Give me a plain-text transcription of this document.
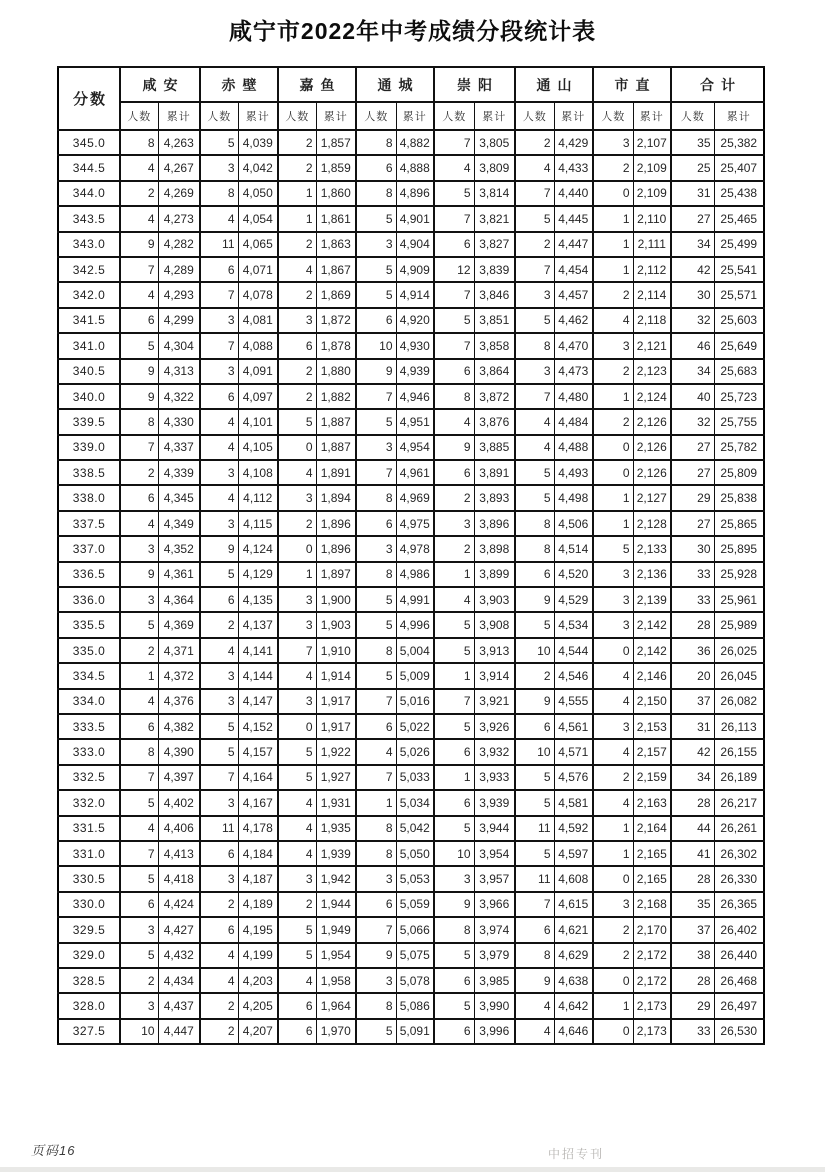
咸宁市2022年中考成绩分段统计表
分数	咸安		赤壁		嘉鱼		通城		崇阳		通山		市直		合计	
	人数	累计	人数	累计	人数	累计	人数	累计	人数	累计	人数	累计	人数	累计	人数	累计
345.0	8	4,263	5	4,039	2	1,857	8	4,882	7	3,805	2	4,429	3	2,107	35	25,382
344.5	4	4,267	3	4,042	2	1,859	6	4,888	4	3,809	4	4,433	2	2,109	25	25,407
344.0	2	4,269	8	4,050	1	1,860	8	4,896	5	3,814	7	4,440	0	2,109	31	25,438
343.5	4	4,273	4	4,054	1	1,861	5	4,901	7	3,821	5	4,445	1	2,110	27	25,465
343.0	9	4,282	11	4,065	2	1,863	3	4,904	6	3,827	2	4,447	1	2,111	34	25,499
342.5	7	4,289	6	4,071	4	1,867	5	4,909	12	3,839	7	4,454	1	2,112	42	25,541
342.0	4	4,293	7	4,078	2	1,869	5	4,914	7	3,846	3	4,457	2	2,114	30	25,571
341.5	6	4,299	3	4,081	3	1,872	6	4,920	5	3,851	5	4,462	4	2,118	32	25,603
341.0	5	4,304	7	4,088	6	1,878	10	4,930	7	3,858	8	4,470	3	2,121	46	25,649
340.5	9	4,313	3	4,091	2	1,880	9	4,939	6	3,864	3	4,473	2	2,123	34	25,683
340.0	9	4,322	6	4,097	2	1,882	7	4,946	8	3,872	7	4,480	1	2,124	40	25,723
339.5	8	4,330	4	4,101	5	1,887	5	4,951	4	3,876	4	4,484	2	2,126	32	25,755
339.0	7	4,337	4	4,105	0	1,887	3	4,954	9	3,885	4	4,488	0	2,126	27	25,782
338.5	2	4,339	3	4,108	4	1,891	7	4,961	6	3,891	5	4,493	0	2,126	27	25,809
338.0	6	4,345	4	4,112	3	1,894	8	4,969	2	3,893	5	4,498	1	2,127	29	25,838
337.5	4	4,349	3	4,115	2	1,896	6	4,975	3	3,896	8	4,506	1	2,128	27	25,865
337.0	3	4,352	9	4,124	0	1,896	3	4,978	2	3,898	8	4,514	5	2,133	30	25,895
336.5	9	4,361	5	4,129	1	1,897	8	4,986	1	3,899	6	4,520	3	2,136	33	25,928
336.0	3	4,364	6	4,135	3	1,900	5	4,991	4	3,903	9	4,529	3	2,139	33	25,961
335.5	5	4,369	2	4,137	3	1,903	5	4,996	5	3,908	5	4,534	3	2,142	28	25,989
335.0	2	4,371	4	4,141	7	1,910	8	5,004	5	3,913	10	4,544	0	2,142	36	26,025
334.5	1	4,372	3	4,144	4	1,914	5	5,009	1	3,914	2	4,546	4	2,146	20	26,045
334.0	4	4,376	3	4,147	3	1,917	7	5,016	7	3,921	9	4,555	4	2,150	37	26,082
333.5	6	4,382	5	4,152	0	1,917	6	5,022	5	3,926	6	4,561	3	2,153	31	26,113
333.0	8	4,390	5	4,157	5	1,922	4	5,026	6	3,932	10	4,571	4	2,157	42	26,155
332.5	7	4,397	7	4,164	5	1,927	7	5,033	1	3,933	5	4,576	2	2,159	34	26,189
332.0	5	4,402	3	4,167	4	1,931	1	5,034	6	3,939	5	4,581	4	2,163	28	26,217
331.5	4	4,406	11	4,178	4	1,935	8	5,042	5	3,944	11	4,592	1	2,164	44	26,261
331.0	7	4,413	6	4,184	4	1,939	8	5,050	10	3,954	5	4,597	1	2,165	41	26,302
330.5	5	4,418	3	4,187	3	1,942	3	5,053	3	3,957	11	4,608	0	2,165	28	26,330
330.0	6	4,424	2	4,189	2	1,944	6	5,059	9	3,966	7	4,615	3	2,168	35	26,365
329.5	3	4,427	6	4,195	5	1,949	7	5,066	8	3,974	6	4,621	2	2,170	37	26,402
329.0	5	4,432	4	4,199	5	1,954	9	5,075	5	3,979	8	4,629	2	2,172	38	26,440
328.5	2	4,434	4	4,203	4	1,958	3	5,078	6	3,985	9	4,638	0	2,172	28	26,468
328.0	3	4,437	2	4,205	6	1,964	8	5,086	5	3,990	4	4,642	1	2,173	29	26,497
327.5	10	4,447	2	4,207	6	1,970	5	5,091	6	3,996	4	4,646	0	2,173	33	26,530
页码16	中招专刊
